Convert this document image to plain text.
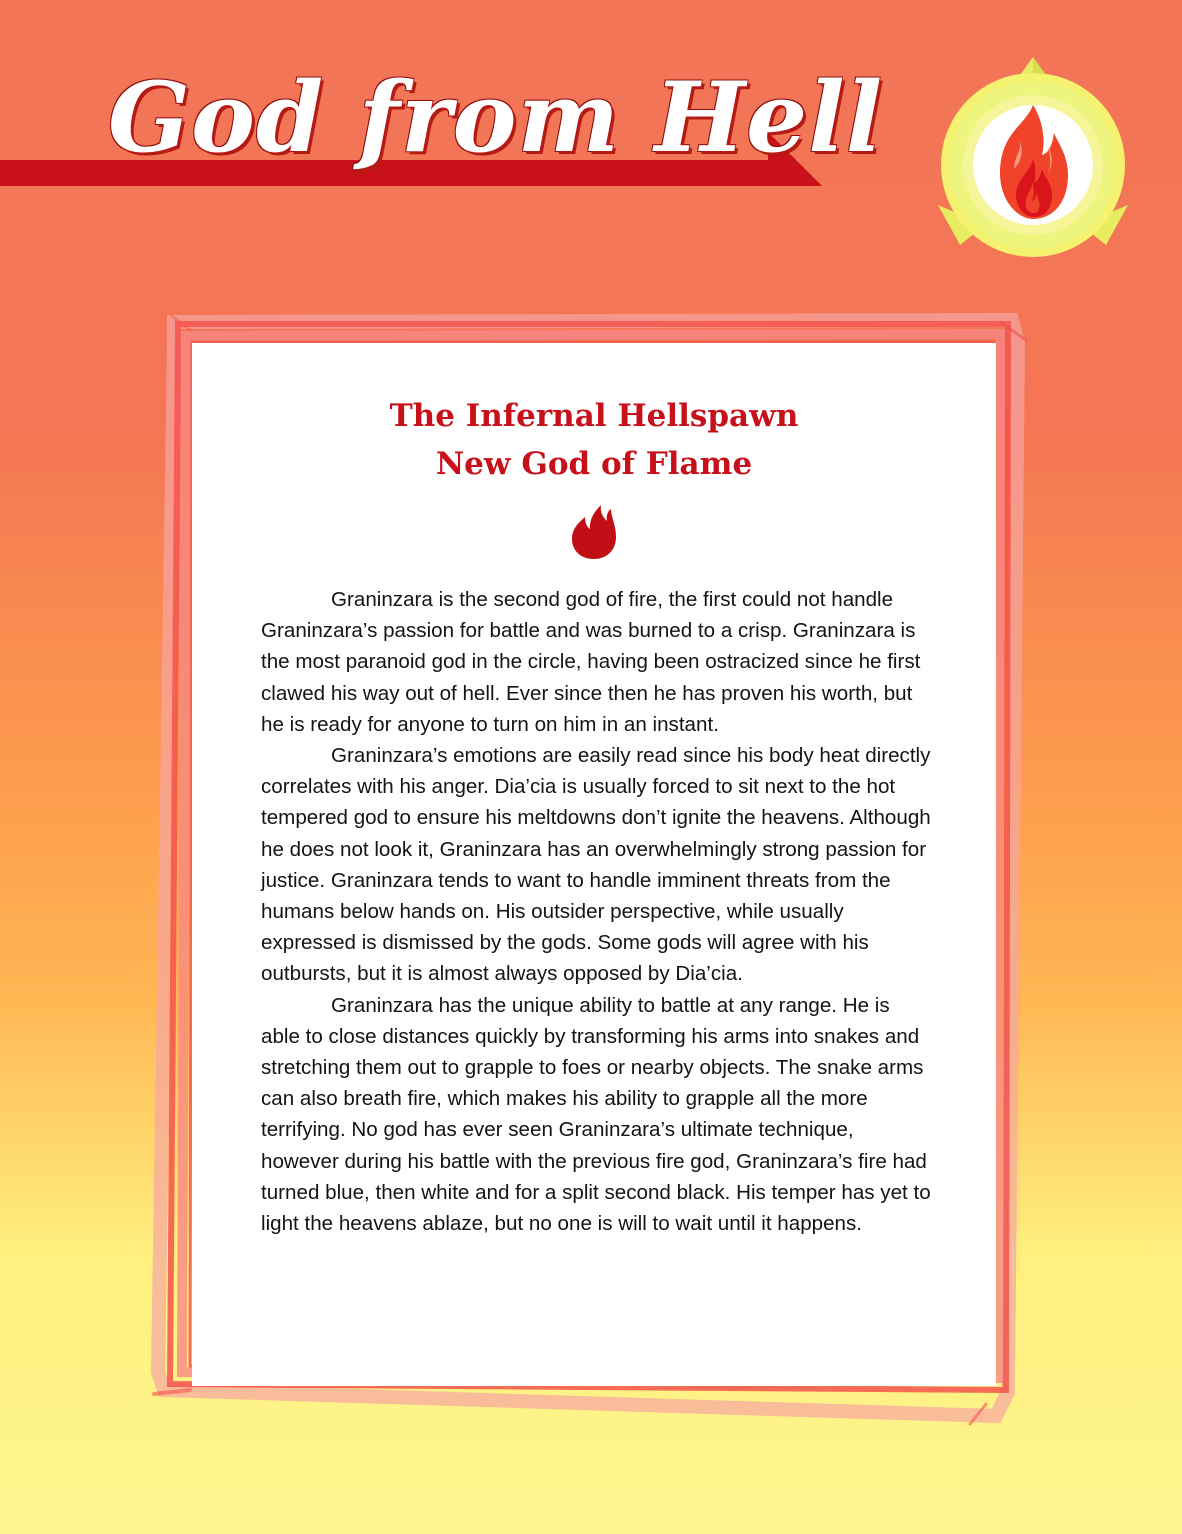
God from Hell
The Infernal Hellspawn
New God of Flame

Graninzara is the second god of fire, the first could not handle Graninzara’s passion for battle and was burned to a crisp. Graninzara is the most paranoid god in the circle, having been ostracized since he first clawed his way out of hell. Ever since then he has proven his worth, but he is ready for anyone to turn on him in an instant.

Graninzara’s emotions are easily read since his body heat directly correlates with his anger. Dia’cia is usually forced to sit next to the hot tempered god to ensure his meltdowns don’t ignite the heavens. Although he does not look it, Graninzara has an overwhelmingly strong passion for justice. Graninzara tends to want to handle imminent threats from the humans below hands on. His outsider perspective, while usually expressed is dismissed by the gods. Some gods will agree with his outbursts, but it is almost always opposed by Dia’cia.

Graninzara has the unique ability to battle at any range. He is able to close distances quickly by transforming his arms into snakes and stretching them out to grapple to foes or nearby objects. The snake arms can also breath fire, which makes his ability to grapple all the more terrifying. No god has ever seen Graninzara’s ultimate technique, however during his battle with the previous fire god, Graninzara’s fire had turned blue, then white and for a split second black. His temper has yet to light the heavens ablaze, but no one is will to wait until it happens.
